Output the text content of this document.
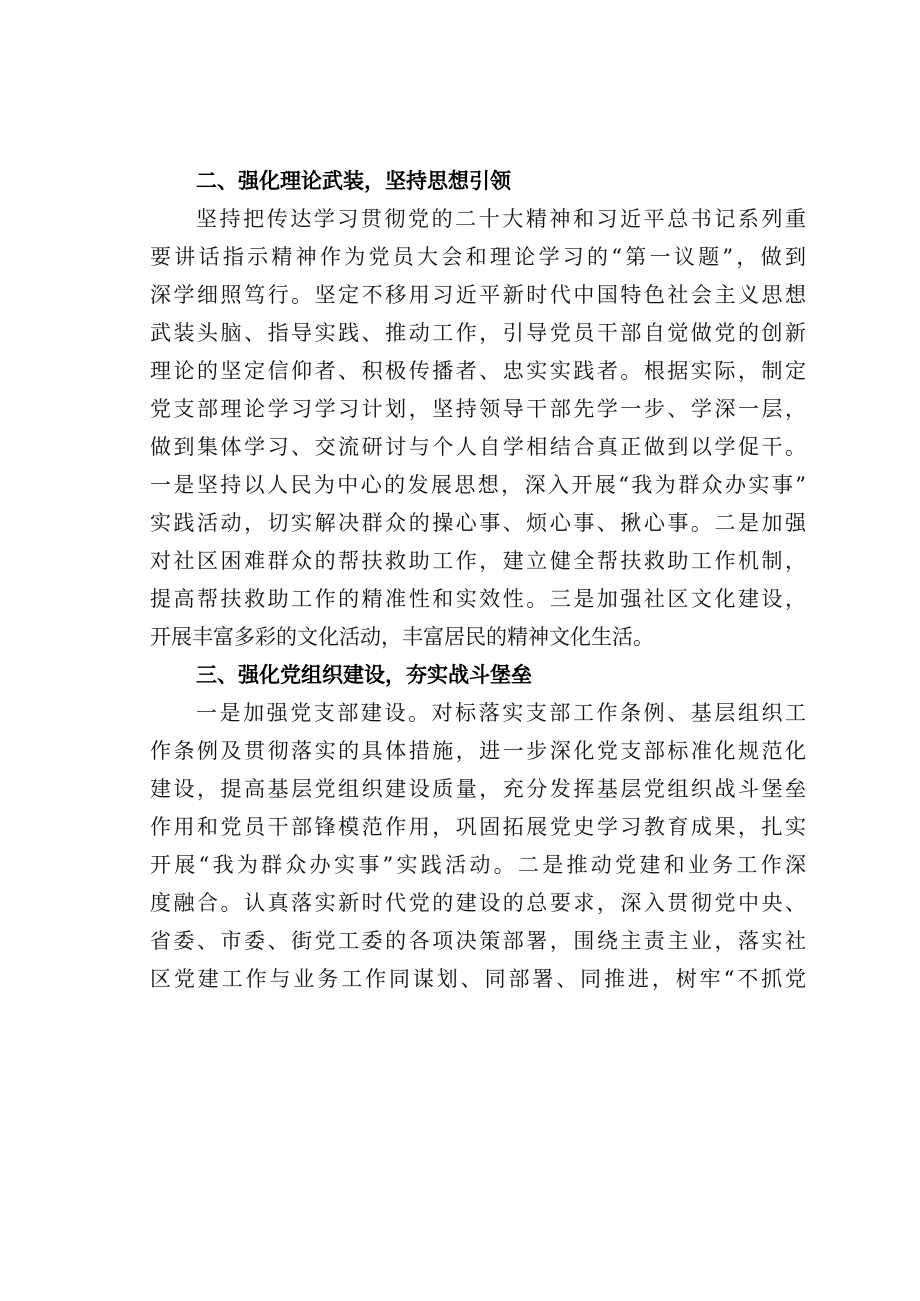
二、强化理论武装，坚持思想引领

坚持把传达学习贯彻党的二十大精神和习近平总书记系列重

要讲话指示精神作为党员大会和理论学习的“第一议题”，做到

深学细照笃行。坚定不移用习近平新时代中国特色社会主义思想

武装头脑、指导实践、推动工作，引导党员干部自觉做党的创新

理论的坚定信仰者、积极传播者、忠实实践者。根据实际，制定

党支部理论学习学习计划，坚持领导干部先学一步、学深一层，

做到集体学习、交流研讨与个人自学相结合真正做到以学促干。

一是坚持以人民为中心的发展思想，深入开展“我为群众办实事”

实践活动，切实解决群众的操心事、烦心事、揪心事。二是加强

对社区困难群众的帮扶救助工作，建立健全帮扶救助工作机制，

提高帮扶救助工作的精准性和实效性。三是加强社区文化建设，

开展丰富多彩的文化活动，丰富居民的精神文化生活。

三、强化党组织建设，夯实战斗堡垒

一是加强党支部建设。对标落实支部工作条例、基层组织工

作条例及贯彻落实的具体措施，进一步深化党支部标准化规范化

建设，提高基层党组织建设质量，充分发挥基层党组织战斗堡垒

作用和党员干部锋模范作用，巩固拓展党史学习教育成果，扎实

开展“我为群众办实事”实践活动。二是推动党建和业务工作深

度融合。认真落实新时代党的建设的总要求，深入贯彻党中央、

省委、市委、街党工委的各项决策部署，围绕主责主业，落实社

区党建工作与业务工作同谋划、同部署、同推进，树牢“不抓党
